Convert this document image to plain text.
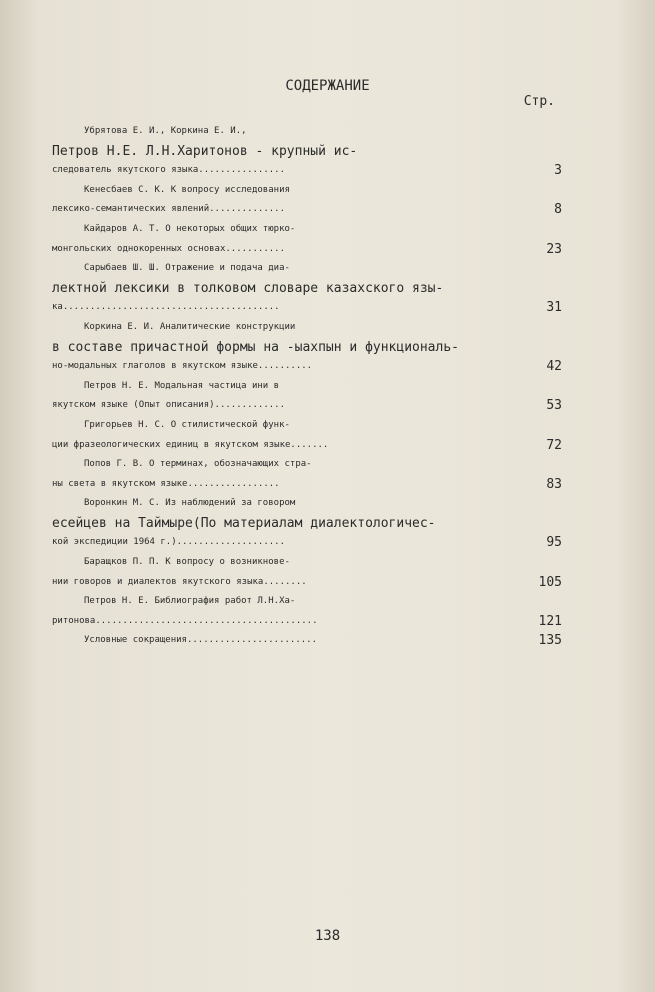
СОДЕРЖАНИЕ
Стр.
Убрятова Е. И., Коркина Е. И.,
Петров Н.Е. Л.Н.Харитонов - крупный ис-
следователь якутского языка................	3
Кенесбаев С. К. К вопросу исследования
лексико-семантических явлений..............	8
Кайдаров А. Т. О некоторых общих тюрко-
монгольских однокоренных основах...........	23
Сарыбаев Ш. Ш. Отражение и подача диа-
лектной лексики в толковом словаре казахского язы-
ка........................................	31
Коркина Е. И. Аналитические конструкции
в составе причастной формы на -ыахпын и функциональ-
но-модальных глаголов в якутском языке..........	42
Петров Н. Е. Модальная частица ини в
якутском языке (Опыт описания).............	53
Григорьев Н. С. О стилистической функ-
ции фразеологических единиц в якутском языке.......	72
Попов Г. В. О терминах, обозначающих стра-
ны света в якутском языке.................	83
Воронкин М. С. Из наблюдений за говором
есейцев на Таймыре(По материалам диалектологичес-
кой экспедиции 1964 г.)....................	95
Баращков П. П. К вопросу о возникнове-
нии говоров и диалектов якутского языка........	105
Петров Н. Е. Библиография работ Л.Н.Ха-
ритонова.........................................	121
Условные сокращения........................	135
138
